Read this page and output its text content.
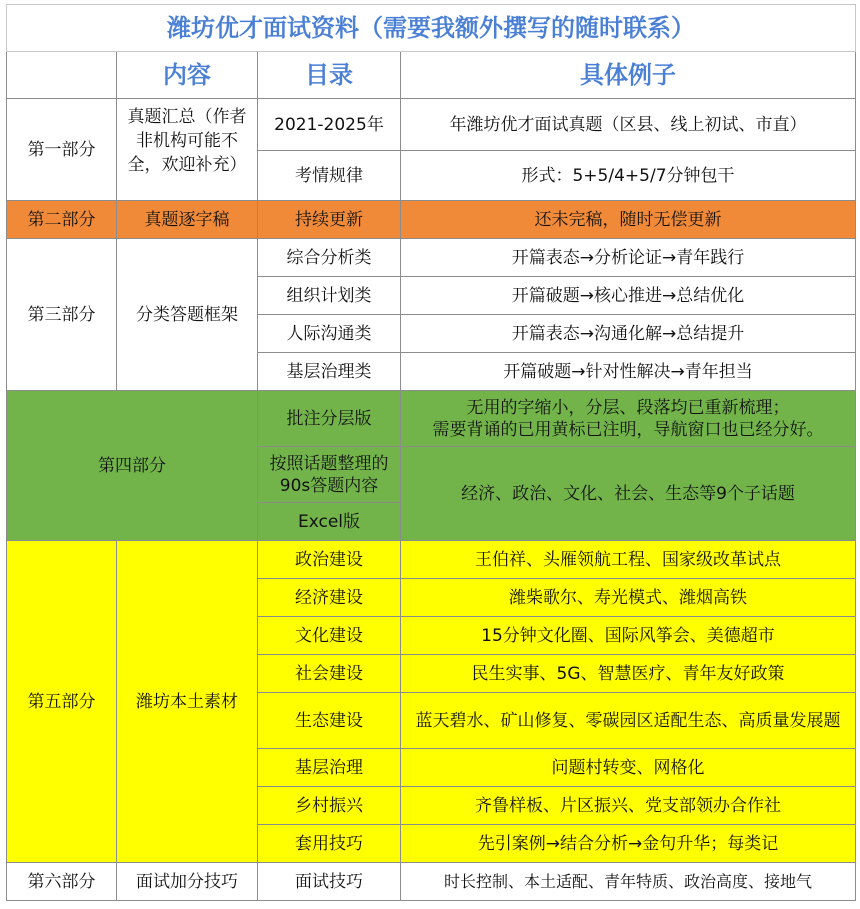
潍坊优才面试资料（需要我额外撰写的随时联系）			
	内容	目录	具体例子
第一部分	真题汇总（作者非机构可能不全，欢迎补充）	2021-2025年	年潍坊优才面试真题（区县、线上初试、市直）
		考情规律	形式：5+5/4+5/7分钟包干
第二部分	真题逐字稿	持续更新	还未完稿，随时无偿更新
第三部分	分类答题框架	综合分析类	开篇表态→分析论证→青年践行
		组织计划类	开篇破题→核心推进→总结优化
		人际沟通类	开篇表态→沟通化解→总结提升
		基层治理类	开篇破题→针对性解决→青年担当
第四部分		批注分层版	无用的字缩小，分层、段落均已重新梳理；
需要背诵的已用黄标已注明，导航窗口也已经分好。

		按照话题整理的90s答题内容	经济、政治、文化、社会、生态等9个子话题
		Excel版	
第五部分	潍坊本土素材	政治建设	王伯祥、头雁领航工程、国家级改革试点
		经济建设	潍柴歌尔、寿光模式、潍烟高铁
		文化建设	15分钟文化圈、国际风筝会、美德超市
		社会建设	民生实事、5G、智慧医疗、青年友好政策
		生态建设	蓝天碧水、矿山修复、零碳园区适配生态、高质量发展题
		基层治理	问题村转变、网格化
		乡村振兴	齐鲁样板、片区振兴、党支部领办合作社
		套用技巧	先引案例→结合分析→金句升华；每类记
第六部分	面试加分技巧	面试技巧	时长控制、本土适配、青年特质、政治高度、接地气
